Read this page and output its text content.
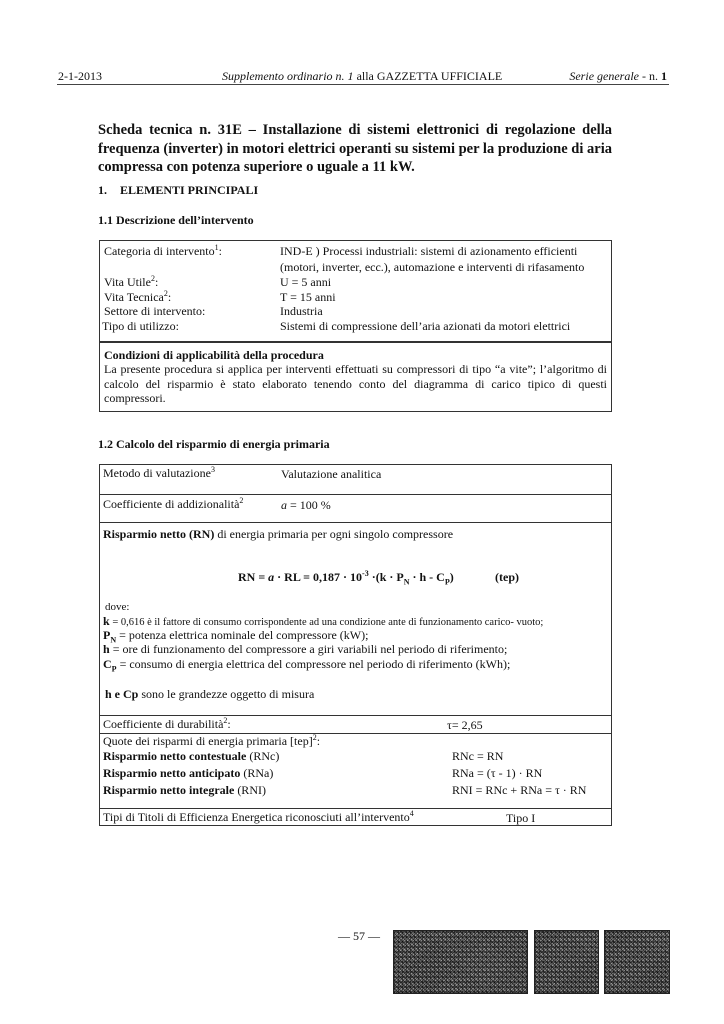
2-1-2013	Supplemento ordinario n. 1 alla GAZZETTA UFFICIALE	Serie generale - n. 1
Scheda tecnica n. 31E – Installazione di sistemi elettronici di regolazione della frequenza (inverter) in motori elettrici operanti su sistemi per la produzione di aria compressa con potenza superiore o uguale a 11 kW.
1. ELEMENTI PRINCIPALI
1.1 Descrizione dell’intervento
Categoria di intervento$^1$:	IND-E ) Processi industriali: sistemi di azionamento efficienti
(motori, inverter, ecc.), automazione e interventi di rifasamento
Vita Utile$^2$:	U = 5 anni
Vita Tecnica$^2$:	T = 15 anni
Settore di intervento:	Industria
Tipo di utilizzo:	Sistemi di compressione dell’aria azionati da motori elettrici
Condizioni di applicabilità della procedura
La presente procedura si applica per interventi effettuati su compressori di tipo “a vite”; l’algoritmo di calcolo del risparmio è stato elaborato tenendo conto del diagramma di carico tipico di questi compressori.
1.2 Calcolo del risparmio di energia primaria
Metodo di valutazione$^3$	Valutazione analitica
Coefficiente di addizionalità$^2$	a = 100 %
Risparmio netto (RN) di energia primaria per ogni singolo compressore
RN = a · RL = $0,187 \cdot 10^{-3} \cdot(k \cdot P_N \cdot h - C_P)$	(tep)
dove:
k = 0,616 è il fattore di consumo corrispondente ad una condizione ante di funzionamento carico- vuoto;
$P_N$ = potenza elettrica nominale del compressore (kW);
h = ore di funzionamento del compressore a giri variabili nel periodo di riferimento;
$C_P$ = consumo di energia elettrica del compressore nel periodo di riferimento (kWh);
h e Cp sono le grandezze oggetto di misura
Coefficiente di durabilità$^2$:	τ= 2,65
Quote dei risparmi di energia primaria [tep]$^2$:
Risparmio netto contestuale (RNc)	RNc = RN
Risparmio netto anticipato (RNa)	RNa = (τ - 1) · RN
Risparmio netto integrale (RNI)	RNI = RNc + RNa = τ · RN
Tipi di Titoli di Efficienza Energetica riconosciuti all’intervento$^4$	Tipo I
— 57 —
